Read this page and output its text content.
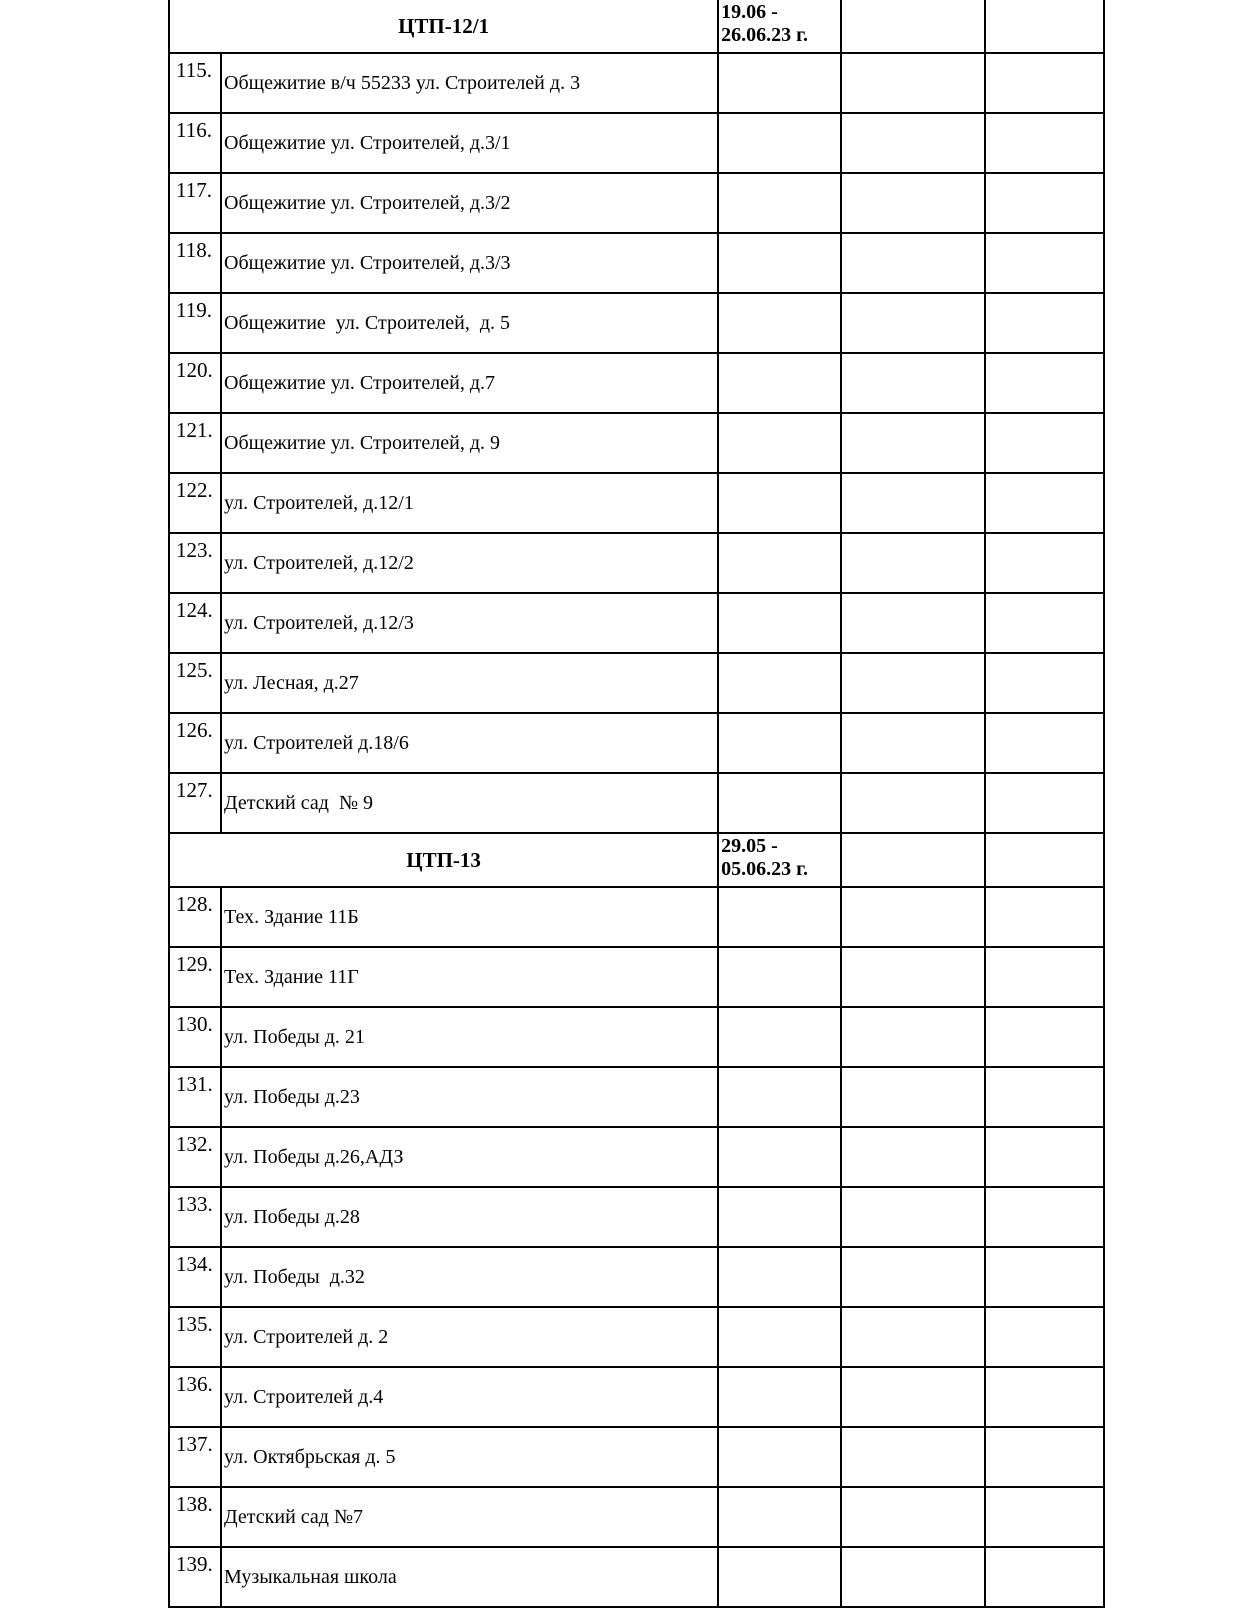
ЦТП-12/1		19.06 -
26.06.23 г.		
115.	Общежитие в/ч 55233 ул. Строителей д. 3			
116.	Общежитие ул. Строителей, д.3/1			
117.	Общежитие ул. Строителей, д.3/2			
118.	Общежитие ул. Строителей, д.3/3			
119.	Общежитие  ул. Строителей,  д. 5			
120.	Общежитие ул. Строителей, д.7			
121.	Общежитие ул. Строителей, д. 9			
122.	ул. Строителей, д.12/1			
123.	ул. Строителей, д.12/2			
124.	ул. Строителей, д.12/3			
125.	ул. Лесная, д.27			
126.	ул. Строителей д.18/6			
127.	Детский сад  № 9			
ЦТП-13		29.05 -
05.06.23 г.		
128.	Тех. Здание 11Б			
129.	Тех. Здание 11Г			
130.	ул. Победы д. 21			
131.	ул. Победы д.23			
132.	ул. Победы д.26,АДЗ			
133.	ул. Победы д.28			
134.	ул. Победы  д.32			
135.	ул. Строителей д. 2			
136.	ул. Строителей д.4			
137.	ул. Октябрьская д. 5			
138.	Детский сад №7			
139.	Музыкальная школа			
